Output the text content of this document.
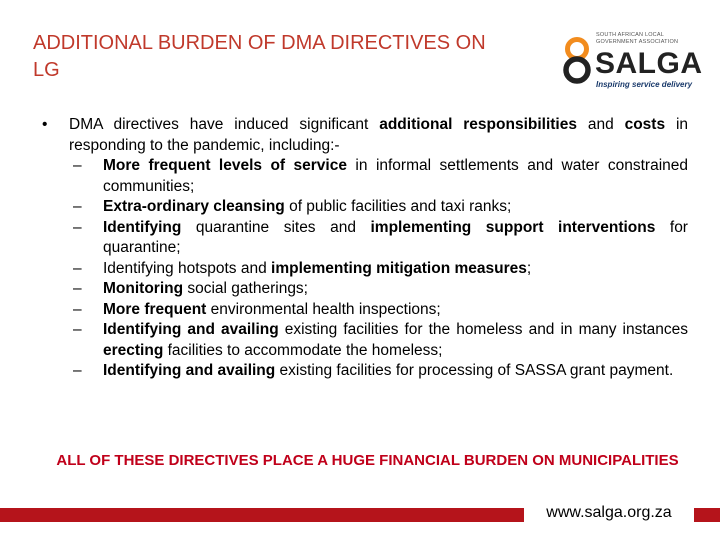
ADDITIONAL BURDEN OF DMA DIRECTIVES ON LG
SOUTH AFRICAN LOCAL GOVERNMENT ASSOCIATION
SALGA
Inspiring service delivery
• DMA directives have induced significant additional responsibilities and costs in responding to the pandemic, including:-
– More frequent levels of service in informal settlements and water constrained communities;
– Extra-ordinary cleansing of public facilities and taxi ranks;
– Identifying quarantine sites and implementing support interventions for quarantine;
– Identifying hotspots and implementing mitigation measures;
– Monitoring social gatherings;
– More frequent environmental health inspections;
– Identifying and availing existing facilities for the homeless and in many instances erecting facilities to accommodate the homeless;
– Identifying and availing existing facilities for processing of SASSA grant payment.
ALL OF THESE DIRECTIVES PLACE A HUGE FINANCIAL BURDEN ON MUNICIPALITIES
www.salga.org.za
